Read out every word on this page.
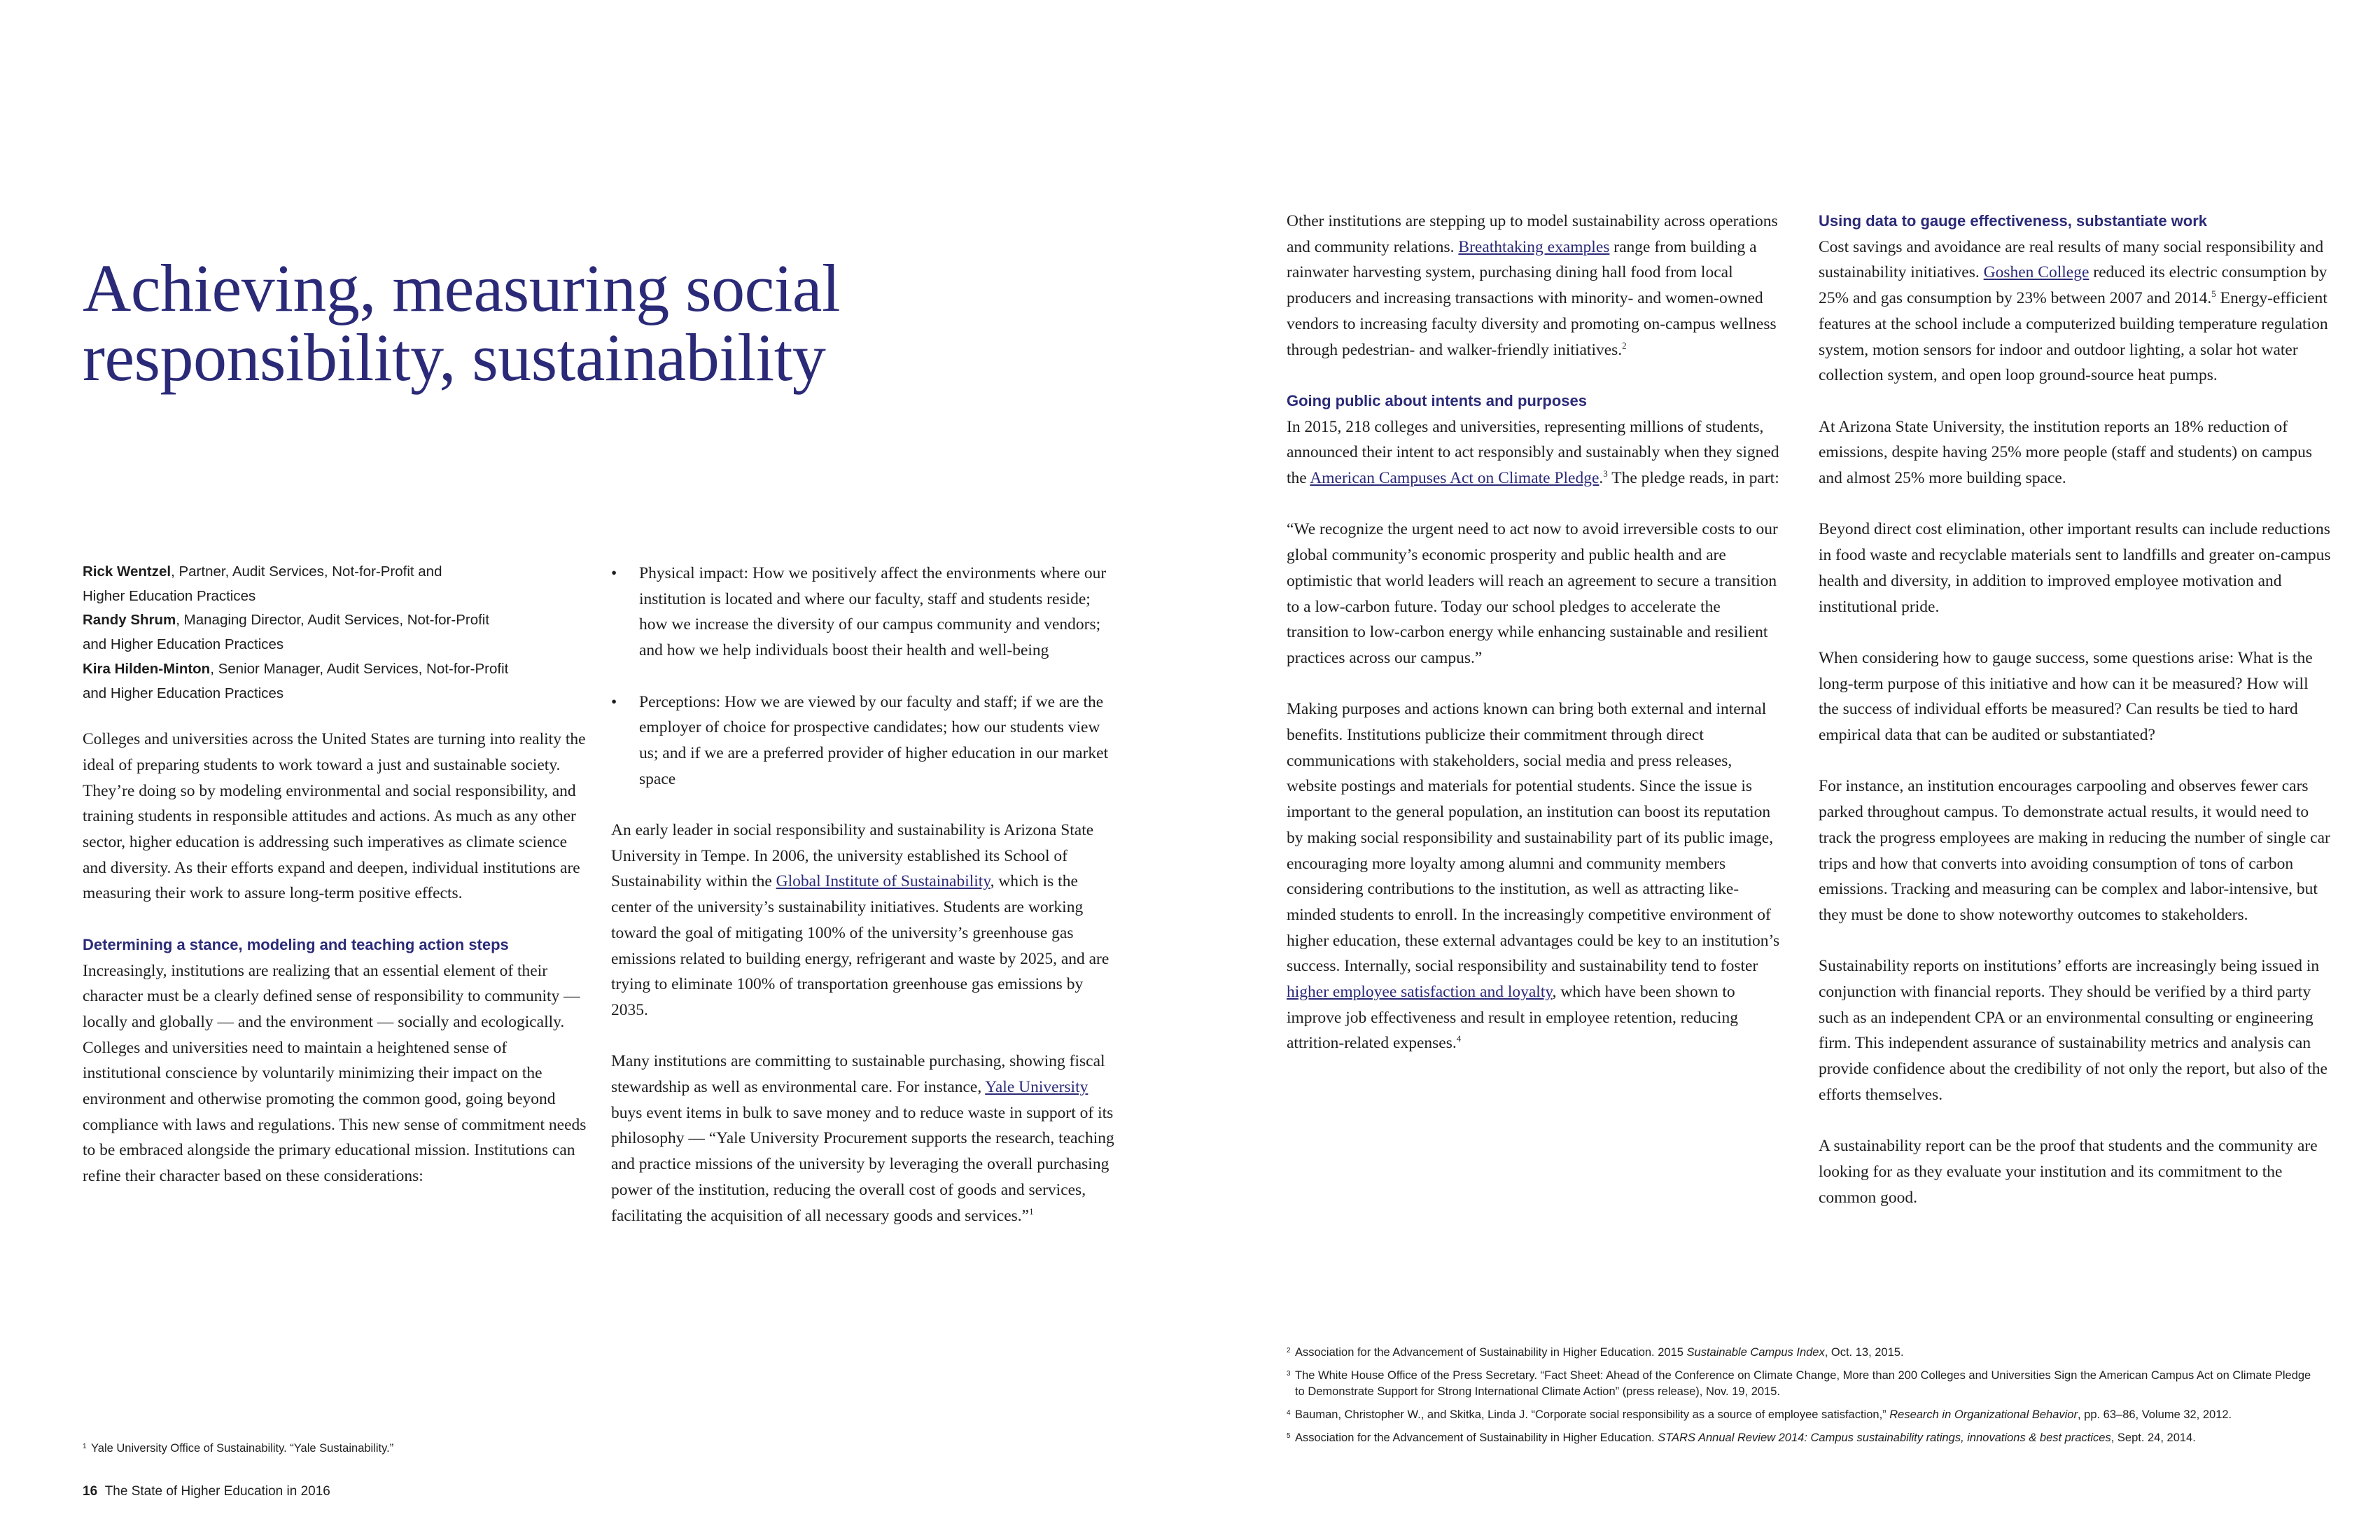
Achieving, measuring social
responsibility, sustainability
Rick Wentzel, Partner, Audit Services, Not-for-Profit and
Higher Education Practices
Randy Shrum, Managing Director, Audit Services, Not-for-Profit
and Higher Education Practices
Kira Hilden-Minton, Senior Manager, Audit Services, Not-for-Profit
and Higher Education Practices

Colleges and universities across the United States are turning into reality the ideal of preparing students to work toward a just and sustainable society. They’re doing so by modeling environmental and social responsibility, and training students in responsible attitudes and actions. As much as any other sector, higher education is addressing such imperatives as climate science and diversity. As their efforts expand and deepen, individual institutions are measuring their work to assure long-term positive effects.

Determining a stance, modeling and teaching action steps

Increasingly, institutions are realizing that an essential element of their character must be a clearly defined sense of responsibility to community — locally and globally — and the environment — socially and ecologically. Colleges and universities need to maintain a heightened sense of institutional conscience by voluntarily minimizing their impact on the environment and otherwise promoting the common good, going beyond compliance with laws and regulations. This new sense of commitment needs to be embraced alongside the primary educational mission. Institutions can refine their character based on these considerations:

1 Yale University Office of Sustainability. “Yale Sustainability.”
• Physical impact: How we positively affect the environments where our institution is located and where our faculty, staff and students reside; how we increase the diversity of our campus community and vendors; and how we help individuals boost their health and well-being
• Perceptions: How we are viewed by our faculty and staff; if we are the employer of choice for prospective candidates; how our students view us; and if we are a preferred provider of higher education in our market space

An early leader in social responsibility and sustainability is Arizona State University in Tempe. In 2006, the university established its School of Sustainability within the Global Institute of Sustainability, which is the center of the university’s sustainability initiatives. Students are working toward the goal of mitigating 100% of the university’s greenhouse gas emissions related to building energy, refrigerant and waste by 2025, and are trying to eliminate 100% of transportation greenhouse gas emissions by 2035.

Many institutions are committing to sustainable purchasing, showing fiscal stewardship as well as environmental care. For instance, Yale University buys event items in bulk to save money and to reduce waste in support of its philosophy — “Yale University Procurement supports the research, teaching and practice missions of the university by leveraging the overall purchasing power of the institution, reducing the overall cost of goods and services, facilitating the acquisition of all necessary goods and services.”$^1$

Other institutions are stepping up to model sustainability across operations and community relations. Breathtaking examples range from building a rainwater harvesting system, purchasing dining hall food from local producers and increasing transactions with minority- and women-owned vendors to increasing faculty diversity and promoting on-campus wellness through pedestrian- and walker-friendly initiatives.$^2$

Going public about intents and purposes

In 2015, 218 colleges and universities, representing millions of students, announced their intent to act responsibly and sustainably when they signed the American Campuses Act on Climate Pledge.$^3$ The pledge reads, in part:

“We recognize the urgent need to act now to avoid irreversible costs to our global community’s economic prosperity and public health and are optimistic that world leaders will reach an agreement to secure a transition to a low-carbon future. Today our school pledges to accelerate the transition to low-carbon energy while enhancing sustainable and resilient practices across our campus.”

Making purposes and actions known can bring both external and internal benefits. Institutions publicize their commitment through direct communications with stakeholders, social media and press releases, website postings and materials for potential students. Since the issue is important to the general population, an institution can boost its reputation by making social responsibility and sustainability part of its public image, encouraging more loyalty among alumni and community members considering contributions to the institution, as well as attracting like-minded students to enroll. In the increasingly competitive environment of higher education, these external advantages could be key to an institution’s success. Internally, social responsibility and sustainability tend to foster higher employee satisfaction and loyalty, which have been shown to improve job effectiveness and result in employee retention, reducing attrition-related expenses.$^4$

Using data to gauge effectiveness, substantiate work

Cost savings and avoidance are real results of many social responsibility and sustainability initiatives. Goshen College reduced its electric consumption by 25% and gas consumption by 23% between 2007 and 2014.$^5$ Energy-efficient features at the school include a computerized building temperature regulation system, motion sensors for indoor and outdoor lighting, a solar hot water collection system, and open loop ground-source heat pumps.

At Arizona State University, the institution reports an 18% reduction of emissions, despite having 25% more people (staff and students) on campus and almost 25% more building space.

Beyond direct cost elimination, other important results can include reductions in food waste and recyclable materials sent to landfills and greater on-campus health and diversity, in addition to improved employee motivation and institutional pride.

When considering how to gauge success, some questions arise: What is the long-term purpose of this initiative and how can it be measured? How will the success of individual efforts be measured? Can results be tied to hard empirical data that can be audited or substantiated?

For instance, an institution encourages carpooling and observes fewer cars parked throughout campus. To demonstrate actual results, it would need to track the progress employees are making in reducing the number of single car trips and how that converts into avoiding consumption of tons of carbon emissions. Tracking and measuring can be complex and labor-intensive, but they must be done to show noteworthy outcomes to stakeholders.

Sustainability reports on institutions’ efforts are increasingly being issued in conjunction with financial reports. They should be verified by a third party such as an independent CPA or an environmental consulting or engineering firm. This independent assurance of sustainability metrics and analysis can provide confidence about the credibility of not only the report, but also of the efforts themselves.

A sustainability report can be the proof that students and the community are looking for as they evaluate your institution and its commitment to the common good.

2 Association for the Advancement of Sustainability in Higher Education. 2015 Sustainable Campus Index, Oct. 13, 2015.
3 The White House Office of the Press Secretary. “Fact Sheet: Ahead of the Conference on Climate Change, More than 200 Colleges and Universities Sign the American Campus Act on Climate Pledge to Demonstrate Support for Strong International Climate Action” (press release), Nov. 19, 2015.
4 Bauman, Christopher W., and Skitka, Linda J. “Corporate social responsibility as a source of employee satisfaction,” Research in Organizational Behavior, pp. 63–86, Volume 32, 2012.
5 Association for the Advancement of Sustainability in Higher Education. STARS Annual Review 2014: Campus sustainability ratings, innovations & best practices, Sept. 24, 2014.
16 The State of Higher Education in 2016
